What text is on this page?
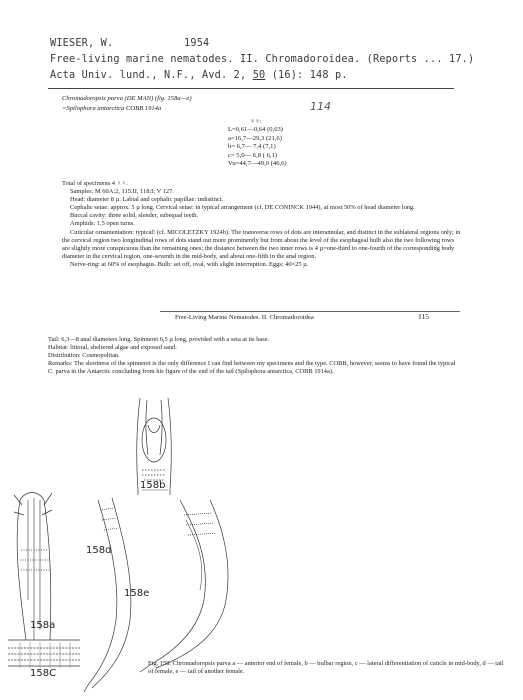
WIESER, W.	1954
Free-living marine nematodes. II. Chromadoroidea. (Reports ... 17.)
Acta Univ. lund., N.F., Avd. 2, 50 (16): 148 p.
Chromadoropsis parva (DE MAN) (fig. 158a—e)
=Spilophora antarctica COBB 1914a	114
♀♀:
L=0,61—0,64 (0,63)
a=16,7—29,3 (21,6)
b= 6,7— 7,4 (7,1)
c= 5,0— 6,8 ( 6,1)
Vu=44,7—49,0 (46,6)

Total of specimens 4 ♀♀.

Samples: M 60A:2, 115:II, 118:I; V 127.

Head: diameter 8 µ. Labial and cephalic papillae: indistinct.

Cephalic setae: approx. 5 µ long. Cervical setae: in typical arrangement (cf. DE CONINCK 1944), at most 50% of head diameter long.

Buccal cavity: three solid, slender, subequal teeth.

Amphids: 1,5 open turns.

Cuticular ornamentation: typical! (cf. MICOLETZKY 1924b). The transverse rows of dots are interannular, and distinct in the sublateral regions only; in the cervical region two longitudinal rows of dots stand out more prominently but from about the level of the esophageal bulb also the two following rows are slightly more conspicuous than the remaining ones; the distance between the two inner rows is 4 µ=one-third to one-fourth of the corresponding body diameter in the cervical region, one-seventh in the mid-body, and about one-fifth in the anal region.

Nerve-ring: at 60% of esophagus. Bulb: set off, oval, with slight interruption. Eggs: 40×25 µ.

Free-Living Marine Nematodes. II. Chromadoroidea	115

Tail: 6,3—8 anal diameters long. Spinneret 6,5 µ long, provided with a seta at its base.

Habitat: littoral, sheltered algae and exposed sand.

Distribution: Cosmopolitan.

Remarks: The shortness of the spinneret is the only difference I can find between my specimens and the type. COBB, however, seems to have found the typical C. parva in the Antarctic concluding from his figure of the end of the tail (Spilophora antarctica, COBB 1914a).

158b
158d
158e
158a
158C
Fig. 158: Chromadoropsis parva a — anterior end of female, b — bulbar region, c — lateral differentiation of cuticle in mid-body, d — tail of female, e — tail of another female.
